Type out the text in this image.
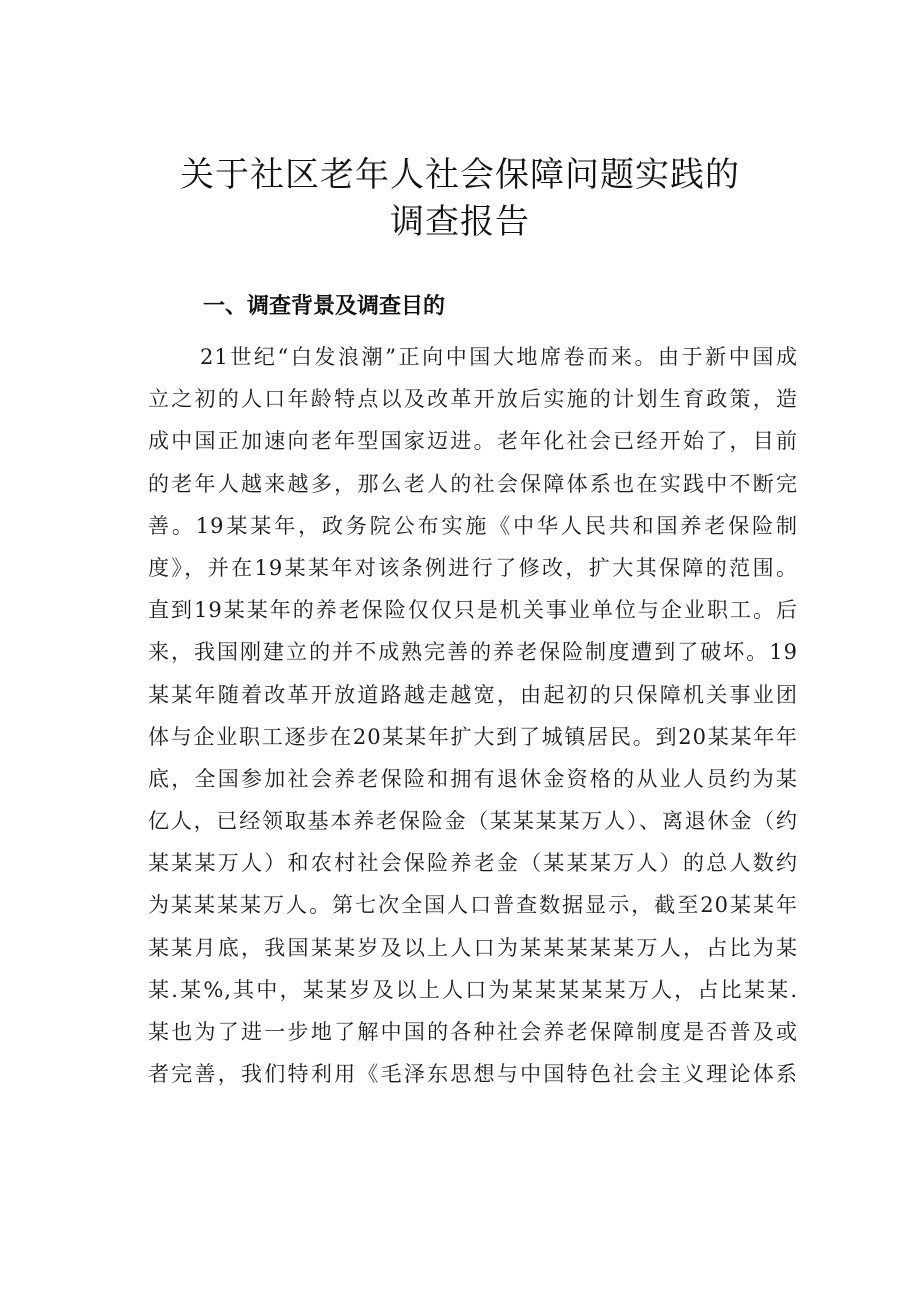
关于社区老年人社会保障问题实践的
调查报告
一、调查背景及调查目的
21世纪“白发浪潮”正向中国大地席卷而来。由于新中国成
立之初的人口年龄特点以及改革开放后实施的计划生育政策，造
成中国正加速向老年型国家迈进。老年化社会已经开始了，目前
的老年人越来越多，那么老人的社会保障体系也在实践中不断完
善。19某某年，政务院公布实施《中华人民共和国养老保险制
度》，并在19某某年对该条例进行了修改，扩大其保障的范围。
直到19某某年的养老保险仅仅只是机关事业单位与企业职工。后
来，我国刚建立的并不成熟完善的养老保险制度遭到了破坏。19
某某年随着改革开放道路越走越宽，由起初的只保障机关事业团
体与企业职工逐步在20某某年扩大到了城镇居民。到20某某年年
底，全国参加社会养老保险和拥有退休金资格的从业人员约为某
亿人，已经领取基本养老保险金（某某某某万人）、离退休金（约
某某某万人）和农村社会保险养老金（某某某万人）的总人数约
为某某某某万人。第七次全国人口普查数据显示，截至20某某年
某某月底，我国某某岁及以上人口为某某某某某万人，占比为某
某.某%,其中，某某岁及以上人口为某某某某某万人，占比某某.
某也为了进一步地了解中国的各种社会养老保障制度是否普及或
者完善，我们特利用《毛泽东思想与中国特色社会主义理论体系
